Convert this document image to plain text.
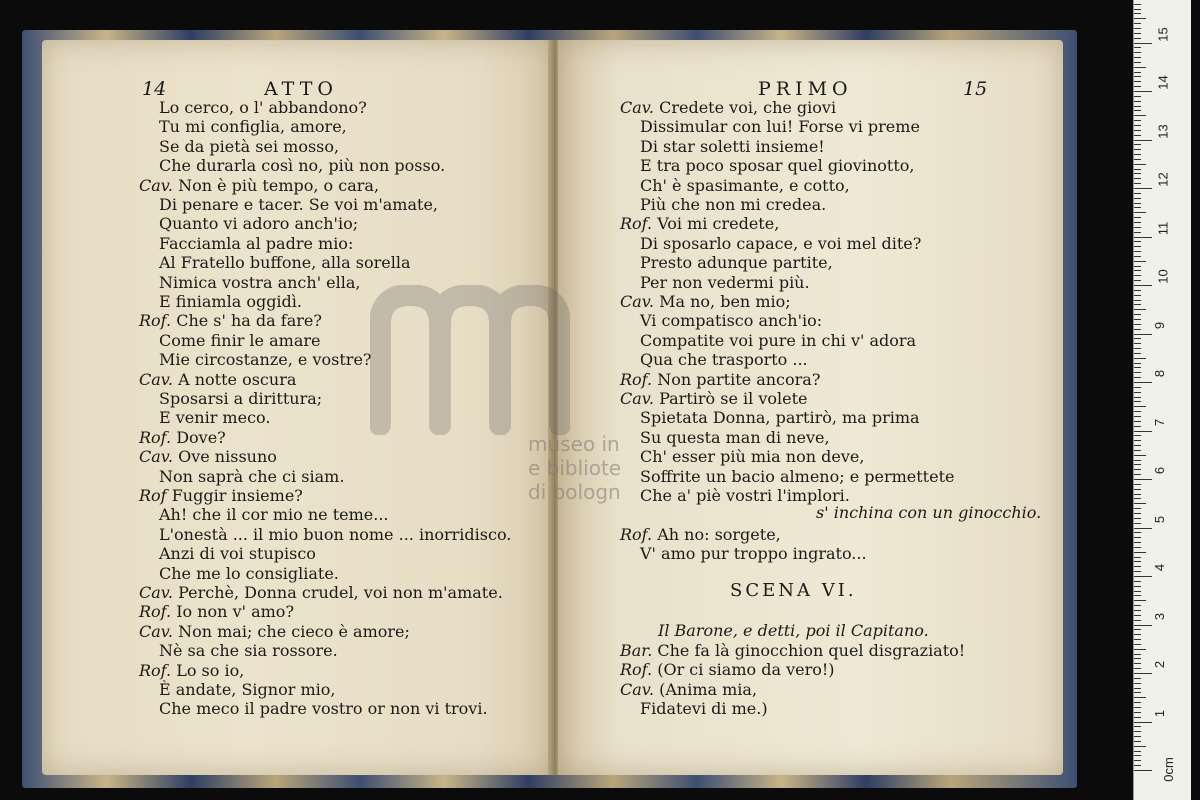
14	ATTO
Lo cerco, o l' abbandono?
Tu mi configlia, amore,
Se da pietà sei mosso,
Che durarla così no, più non posso.
Cav. Non è più tempo, o cara,
Di penare e tacer. Se voi m'amate,
Quanto vi adoro anch'io;
Facciamla al padre mio:
Al Fratello buffone, alla sorella
Nimica vostra anch' ella,
E finiamla oggidì.
Rof. Che s' ha da fare?
Come finir le amare
Mie circostanze, e vostre?
Cav. A notte oscura
Sposarsi a dirittura;
E venir meco.
Rof. Dove?
Cav. Ove nissuno
Non saprà che ci siam.
Rof Fuggir insieme?
Ah! che il cor mio ne teme...
L'onestà ... il mio buon nome ... inorridisco.
Anzi di voi stupisco
Che me lo consigliate.
Cav. Perchè, Donna crudel, voi non m'amate.
Rof. Io non v' amo?
Cav. Non mai; che cieco è amore;
Nè sa che sia rossore.
Rof. Lo so io,
È andate, Signor mio,
Che meco il padre vostro or non vi trovi.
PRIMO	15
Cav. Credete voi, che giovi
Dissimular con lui! Forse vi preme
Di star soletti insieme!
E tra poco sposar quel giovinotto,
Ch' è spasimante, e cotto,
Più che non mi credea.
Rof. Voi mi credete,
Di sposarlo capace, e voi mel dite?
Presto adunque partite,
Per non vedermi più.
Cav. Ma no, ben mio;
Vi compatisco anch'io:
Compatite voi pure in chi v' adora
Qua che trasporto ...
Rof. Non partite ancora?
Cav. Partirò se il volete
Spietata Donna, partirò, ma prima
Su questa man di neve,
Ch' esser più mia non deve,
Soffrite un bacio almeno; e permettete
Che a' piè vostri l'implori.
s' inchina con un ginocchio.
Rof. Ah no: sorgete,
V' amo pur troppo ingrato...
SCENA VI.
Il Barone, e detti, poi il Capitano.
Bar. Che fa là ginocchion quel disgraziato!
Rof. (Or ci siamo da vero!)
Cav. (Anima mia,
Fidatevi di me.)
museo in
e bibliote
di bologn
0cm
1
2
3
4
5
6
7
8
9
10
11
12
13
14
15
